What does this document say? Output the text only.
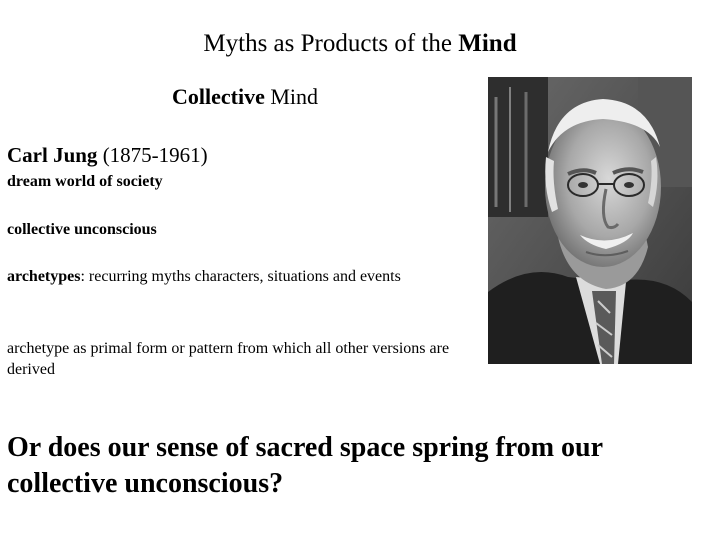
Myths as Products of the Mind
Collective Mind
Carl Jung (1875-1961)
dream world of society
collective unconscious
archetypes: recurring myths characters, situations and events
archetype as primal form or pattern from which all other versions are derived
Or does our sense of sacred space spring from our collective unconscious?
